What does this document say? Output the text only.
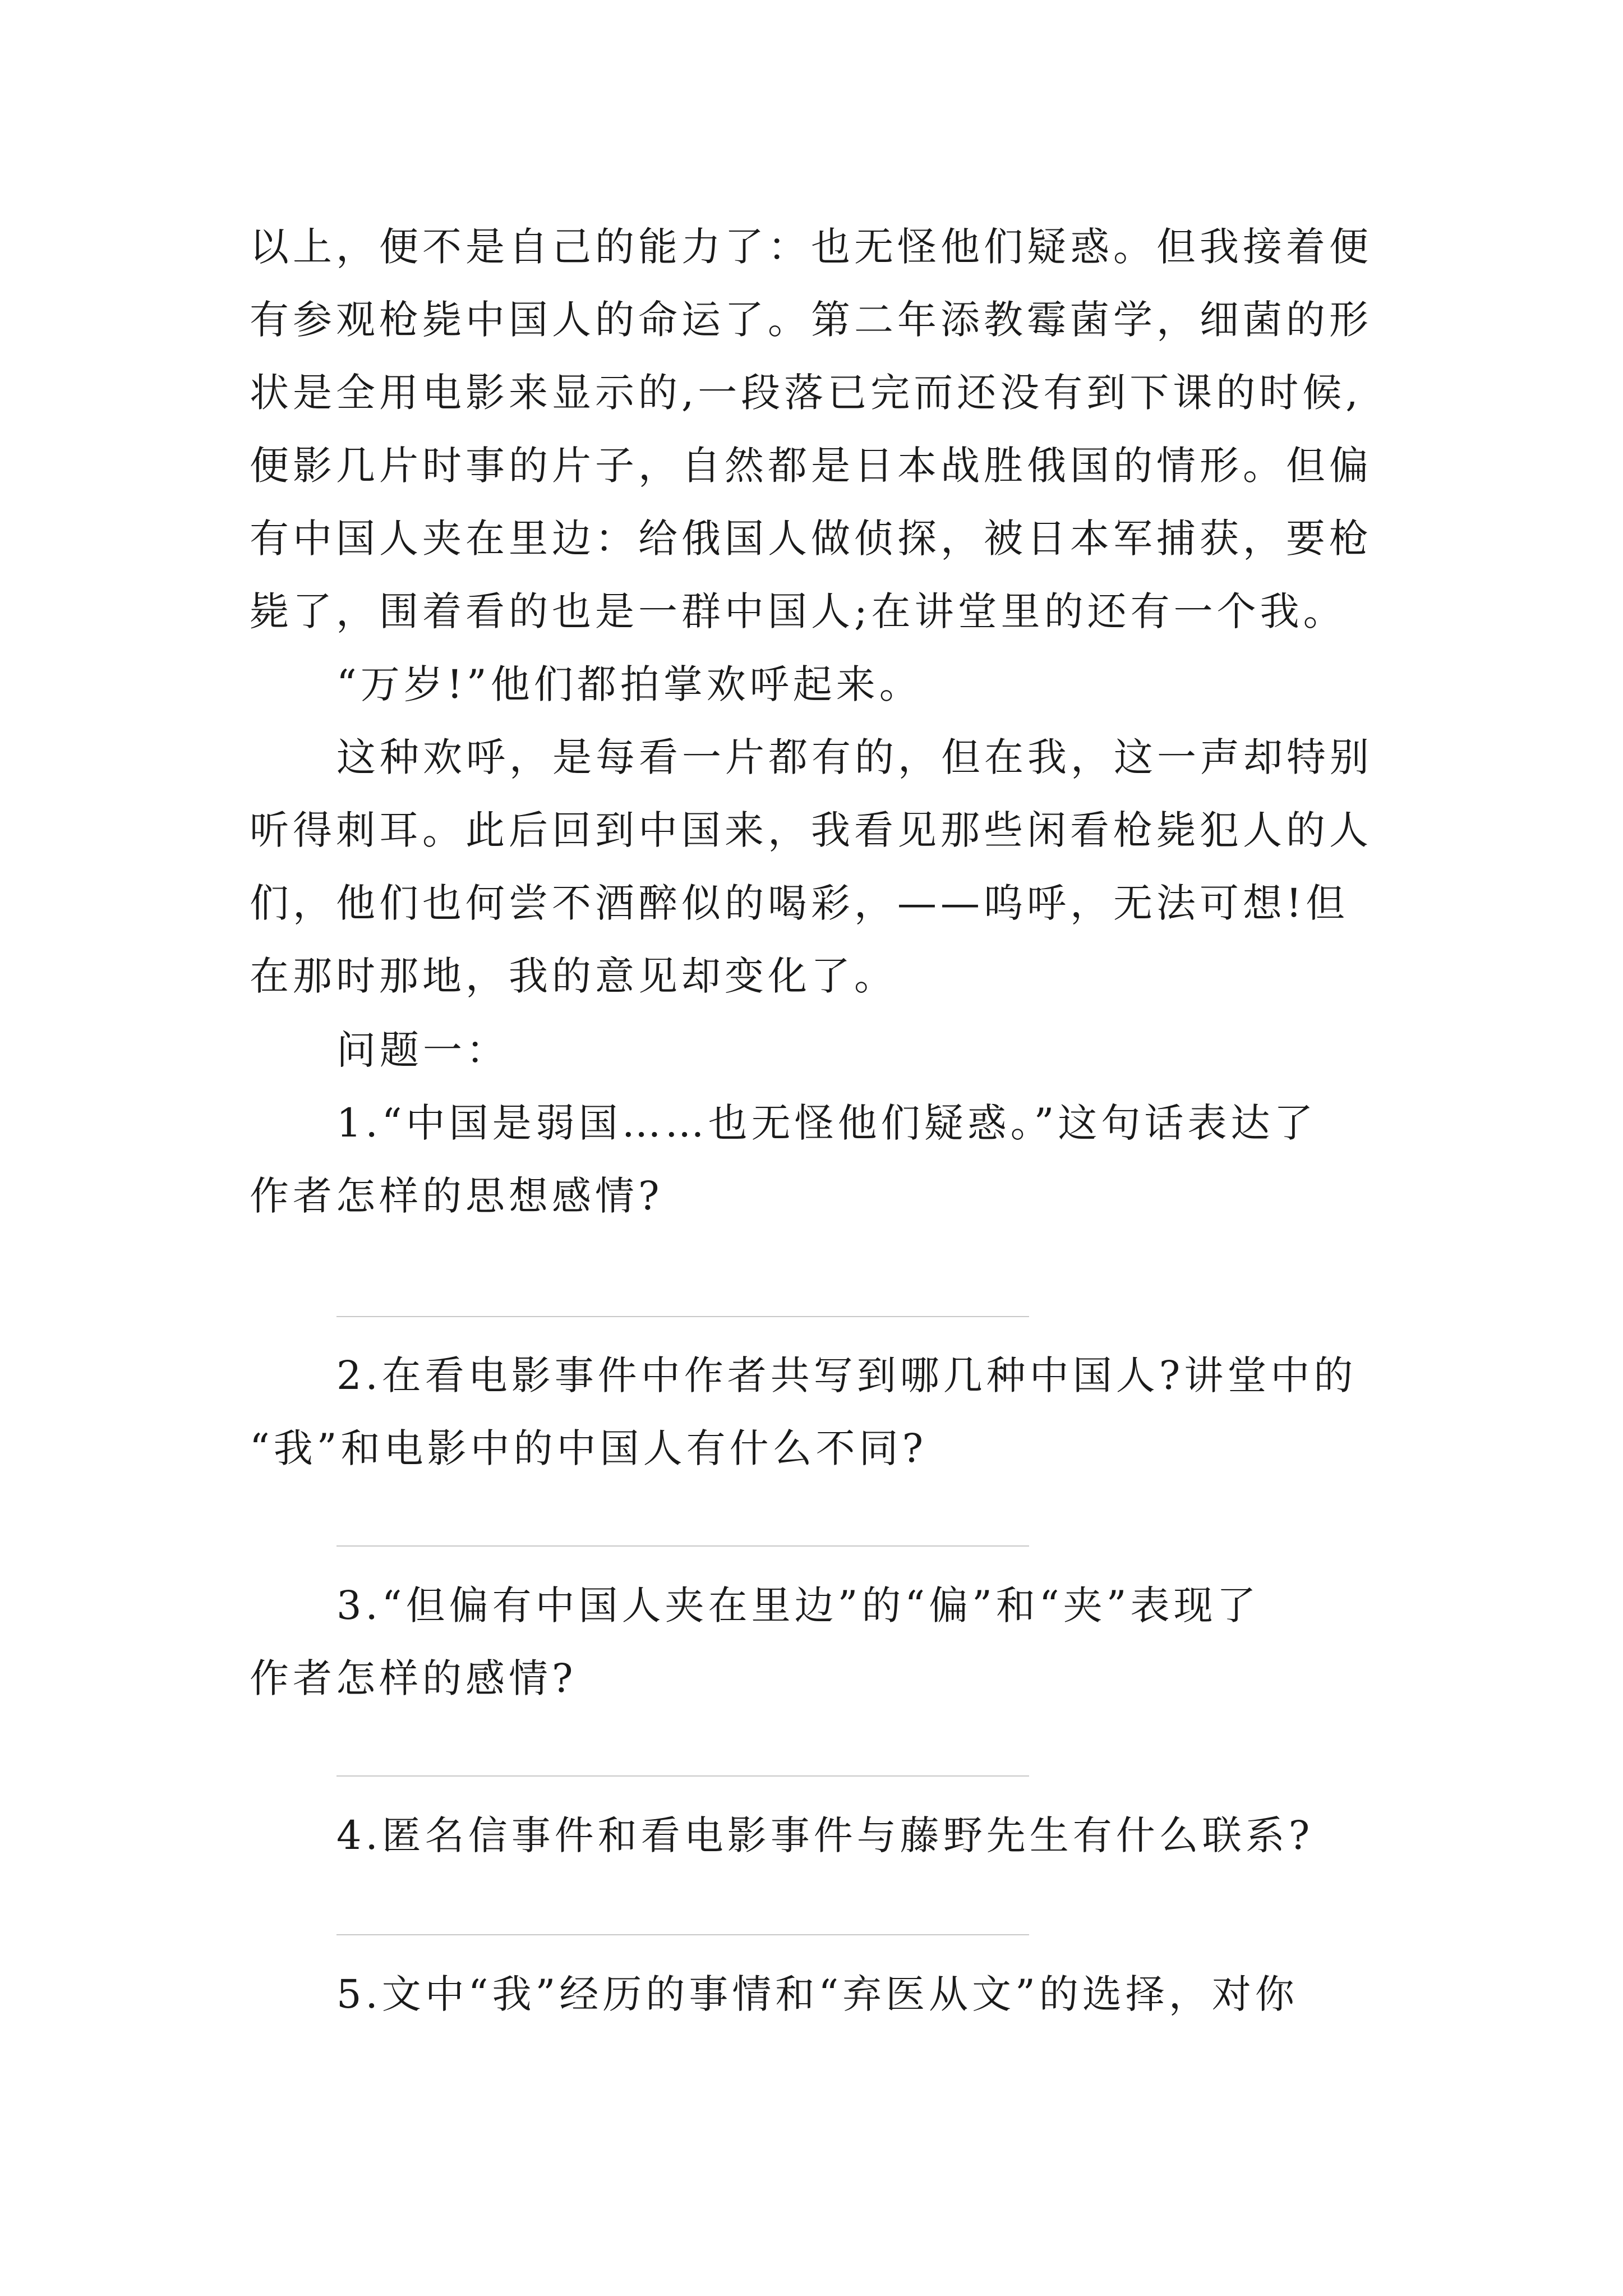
以上，便不是自己的能力了：也无怪他们疑惑。但我接着便
有参观枪毙中国人的命运了。第二年添教霉菌学，细菌的形
状是全用电影来显示的,一段落已完而还没有到下课的时候,
便影几片时事的片子，自然都是日本战胜俄国的情形。但偏
有中国人夹在里边：给俄国人做侦探，被日本军捕获，要枪
毙了，围着看的也是一群中国人;在讲堂里的还有一个我。
“万岁!”他们都拍掌欢呼起来。
这种欢呼，是每看一片都有的，但在我，这一声却特别
听得刺耳。此后回到中国来，我看见那些闲看枪毙犯人的人
们，他们也何尝不酒醉似的喝彩，——呜呼，无法可想!但
在那时那地，我的意见却变化了。
问题一：
1.“中国是弱国……也无怪他们疑惑。”这句话表达了
作者怎样的思想感情?
2.在看电影事件中作者共写到哪几种中国人?讲堂中的
“我”和电影中的中国人有什么不同?
3.“但偏有中国人夹在里边”的“偏”和“夹”表现了
作者怎样的感情?
4.匿名信事件和看电影事件与藤野先生有什么联系?
5.文中“我”经历的事情和“弃医从文”的选择，对你
